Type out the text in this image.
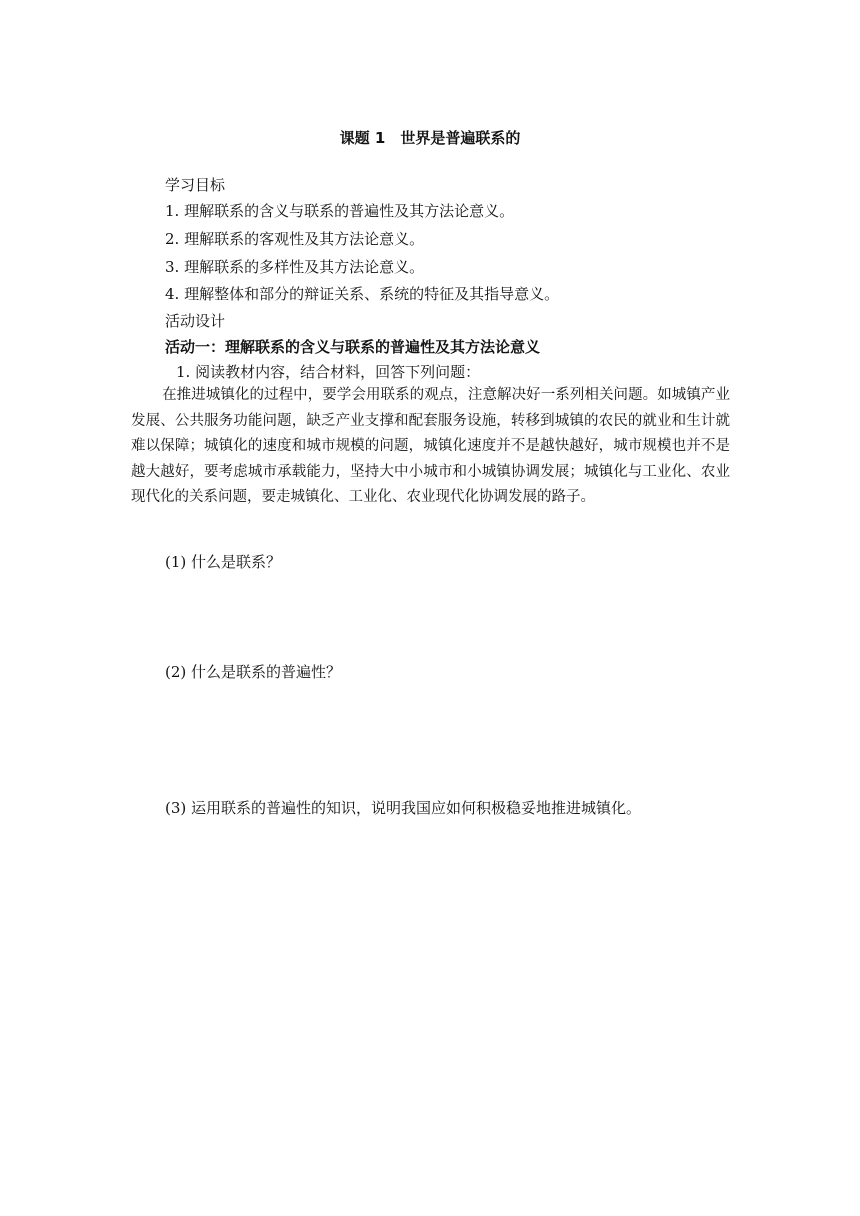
课题 1　世界是普遍联系的
学习目标
1. 理解联系的含义与联系的普遍性及其方法论意义。
2. 理解联系的客观性及其方法论意义。
3. 理解联系的多样性及其方法论意义。
4. 理解整体和部分的辩证关系、系统的特征及其指导意义。
活动设计
活动一：理解联系的含义与联系的普遍性及其方法论意义
1. 阅读教材内容，结合材料，回答下列问题：
在推进城镇化的过程中，要学会用联系的观点，注意解决好一系列相关问题。如城镇产业发展、公共服务功能问题，缺乏产业支撑和配套服务设施，转移到城镇的农民的就业和生计就难以保障；城镇化的速度和城市规模的问题，城镇化速度并不是越快越好，城市规模也并不是越大越好，要考虑城市承载能力，坚持大中小城市和小城镇协调发展；城镇化与工业化、农业现代化的关系问题，要走城镇化、工业化、农业现代化协调发展的路子。
(1) 什么是联系？
(2) 什么是联系的普遍性？
(3) 运用联系的普遍性的知识，说明我国应如何积极稳妥地推进城镇化。
